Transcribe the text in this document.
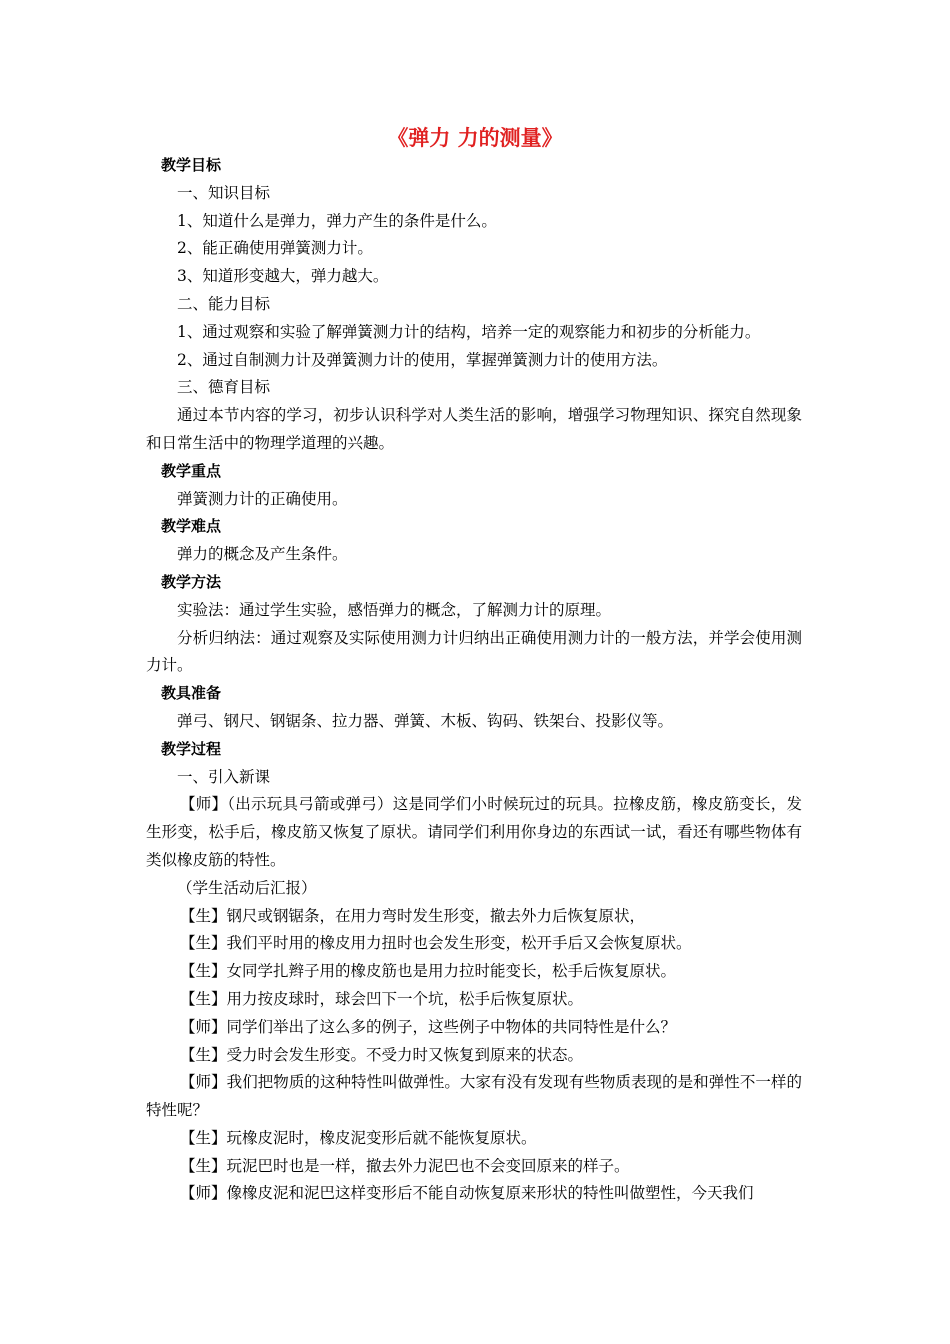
《弹力 力的测量》

教学目标

一、知识目标

1、知道什么是弹力，弹力产生的条件是什么。

2、能正确使用弹簧测力计。

3、知道形变越大，弹力越大。

二、能力目标

1、通过观察和实验了解弹簧测力计的结构，培养一定的观察能力和初步的分析能力。

2、通过自制测力计及弹簧测力计的使用，掌握弹簧测力计的使用方法。

三、德育目标

通过本节内容的学习，初步认识科学对人类生活的影响，增强学习物理知识、探究自然现象和日常生活中的物理学道理的兴趣。

教学重点

弹簧测力计的正确使用。

教学难点

弹力的概念及产生条件。

教学方法

实验法：通过学生实验，感悟弹力的概念，了解测力计的原理。

分析归纳法：通过观察及实际使用测力计归纳出正确使用测力计的一般方法，并学会使用测力计。

教具准备

弹弓、钢尺、钢锯条、拉力器、弹簧、木板、钩码、铁架台、投影仪等。

教学过程

一、引入新课

【师】（出示玩具弓箭或弹弓）这是同学们小时候玩过的玩具。拉橡皮筋，橡皮筋变长，发生形变，松手后，橡皮筋又恢复了原状。请同学们利用你身边的东西试一试，看还有哪些物体有类似橡皮筋的特性。

（学生活动后汇报）

【生】钢尺或钢锯条，在用力弯时发生形变，撤去外力后恢复原状，

【生】我们平时用的橡皮用力扭时也会发生形变，松开手后又会恢复原状。

【生】女同学扎辫子用的橡皮筋也是用力拉时能变长，松手后恢复原状。

【生】用力按皮球时，球会凹下一个坑，松手后恢复原状。

【师】同学们举出了这么多的例子，这些例子中物体的共同特性是什么？

【生】受力时会发生形变。不受力时又恢复到原来的状态。

【师】我们把物质的这种特性叫做弹性。大家有没有发现有些物质表现的是和弹性不一样的特性呢？

【生】玩橡皮泥时，橡皮泥变形后就不能恢复原状。

【生】玩泥巴时也是一样，撤去外力泥巴也不会变回原来的样子。

【师】像橡皮泥和泥巴这样变形后不能自动恢复原来形状的特性叫做塑性，今天我们
